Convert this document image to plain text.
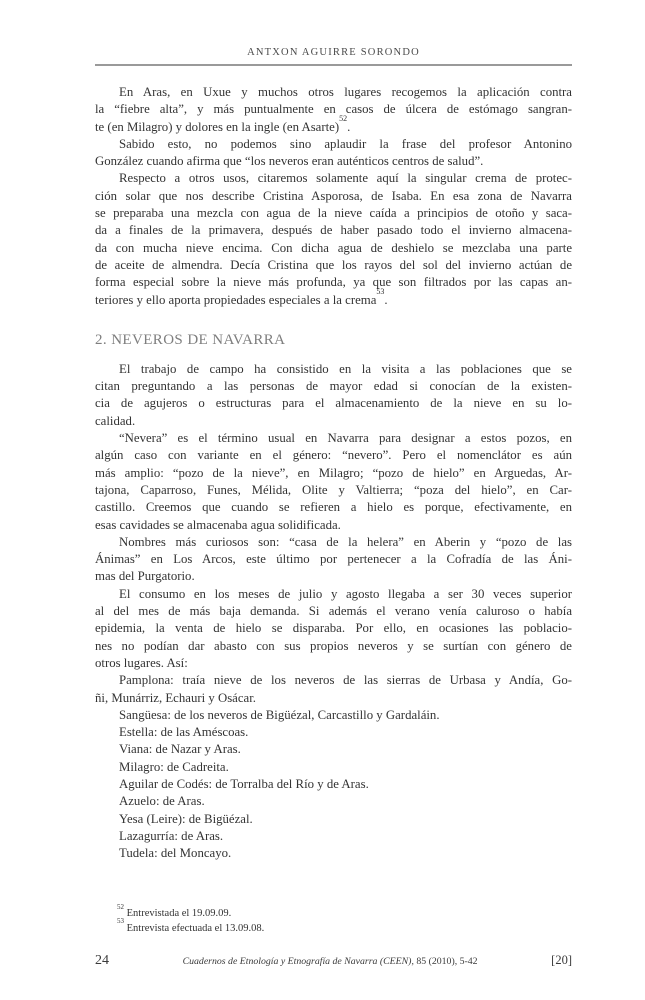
ANTXON AGUIRRE SORONDO
En Aras, en Uxue y muchos otros lugares recogemos la aplicación contra
la “fiebre alta”, y más puntualmente en casos de úlcera de estómago sangran-
te (en Milagro) y dolores en la ingle (en Asarte)$^{52}$.
Sabido esto, no podemos sino aplaudir la frase del profesor Antonino
González cuando afirma que “los neveros eran auténticos centros de salud”.
Respecto a otros usos, citaremos solamente aquí la singular crema de protec-
ción solar que nos describe Cristina Asporosa, de Isaba. En esa zona de Navarra
se preparaba una mezcla con agua de la nieve caída a principios de otoño y saca-
da a finales de la primavera, después de haber pasado todo el invierno almacena-
da con mucha nieve encima. Con dicha agua de deshielo se mezclaba una parte
de aceite de almendra. Decía Cristina que los rayos del sol del invierno actúan de
forma especial sobre la nieve más profunda, ya que son filtrados por las capas an-
teriores y ello aporta propiedades especiales a la crema$^{53}$.
2. NEVEROS DE NAVARRA
El trabajo de campo ha consistido en la visita a las poblaciones que se
citan preguntando a las personas de mayor edad si conocían de la existen-
cia de agujeros o estructuras para el almacenamiento de la nieve en su lo-
calidad.
“Nevera” es el término usual en Navarra para designar a estos pozos, en
algún caso con variante en el género: “nevero”. Pero el nomenclátor es aún
más amplio: “pozo de la nieve”, en Milagro; “pozo de hielo” en Arguedas, Ar-
tajona, Caparroso, Funes, Mélida, Olite y Valtierra; “poza del hielo”, en Car-
castillo. Creemos que cuando se refieren a hielo es porque, efectivamente, en
esas cavidades se almacenaba agua solidificada.
Nombres más curiosos son: “casa de la helera” en Aberin y “pozo de las
Ánimas” en Los Arcos, este último por pertenecer a la Cofradía de las Áni-
mas del Purgatorio.
El consumo en los meses de julio y agosto llegaba a ser 30 veces superior
al del mes de más baja demanda. Si además el verano venía caluroso o había
epidemia, la venta de hielo se disparaba. Por ello, en ocasiones las poblacio-
nes no podían dar abasto con sus propios neveros y se surtían con género de
otros lugares. Así:
Pamplona: traía nieve de los neveros de las sierras de Urbasa y Andía, Go-
ñi, Munárriz, Echauri y Osácar.
Sangüesa: de los neveros de Bigüézal, Carcastillo y Gardaláin.
Estella: de las Améscoas.
Viana: de Nazar y Aras.
Milagro: de Cadreita.
Aguilar de Codés: de Torralba del Río y de Aras.
Azuelo: de Aras.
Yesa (Leire): de Bigüézal.
Lazagurría: de Aras.
Tudela: del Moncayo.
$^{52}$ Entrevistada el 19.09.09.
$^{53}$ Entrevista efectuada el 13.09.08.
24	Cuadernos de Etnología y Etnografía de Navarra (CEEN), 85 (2010), 5-42	[20]
